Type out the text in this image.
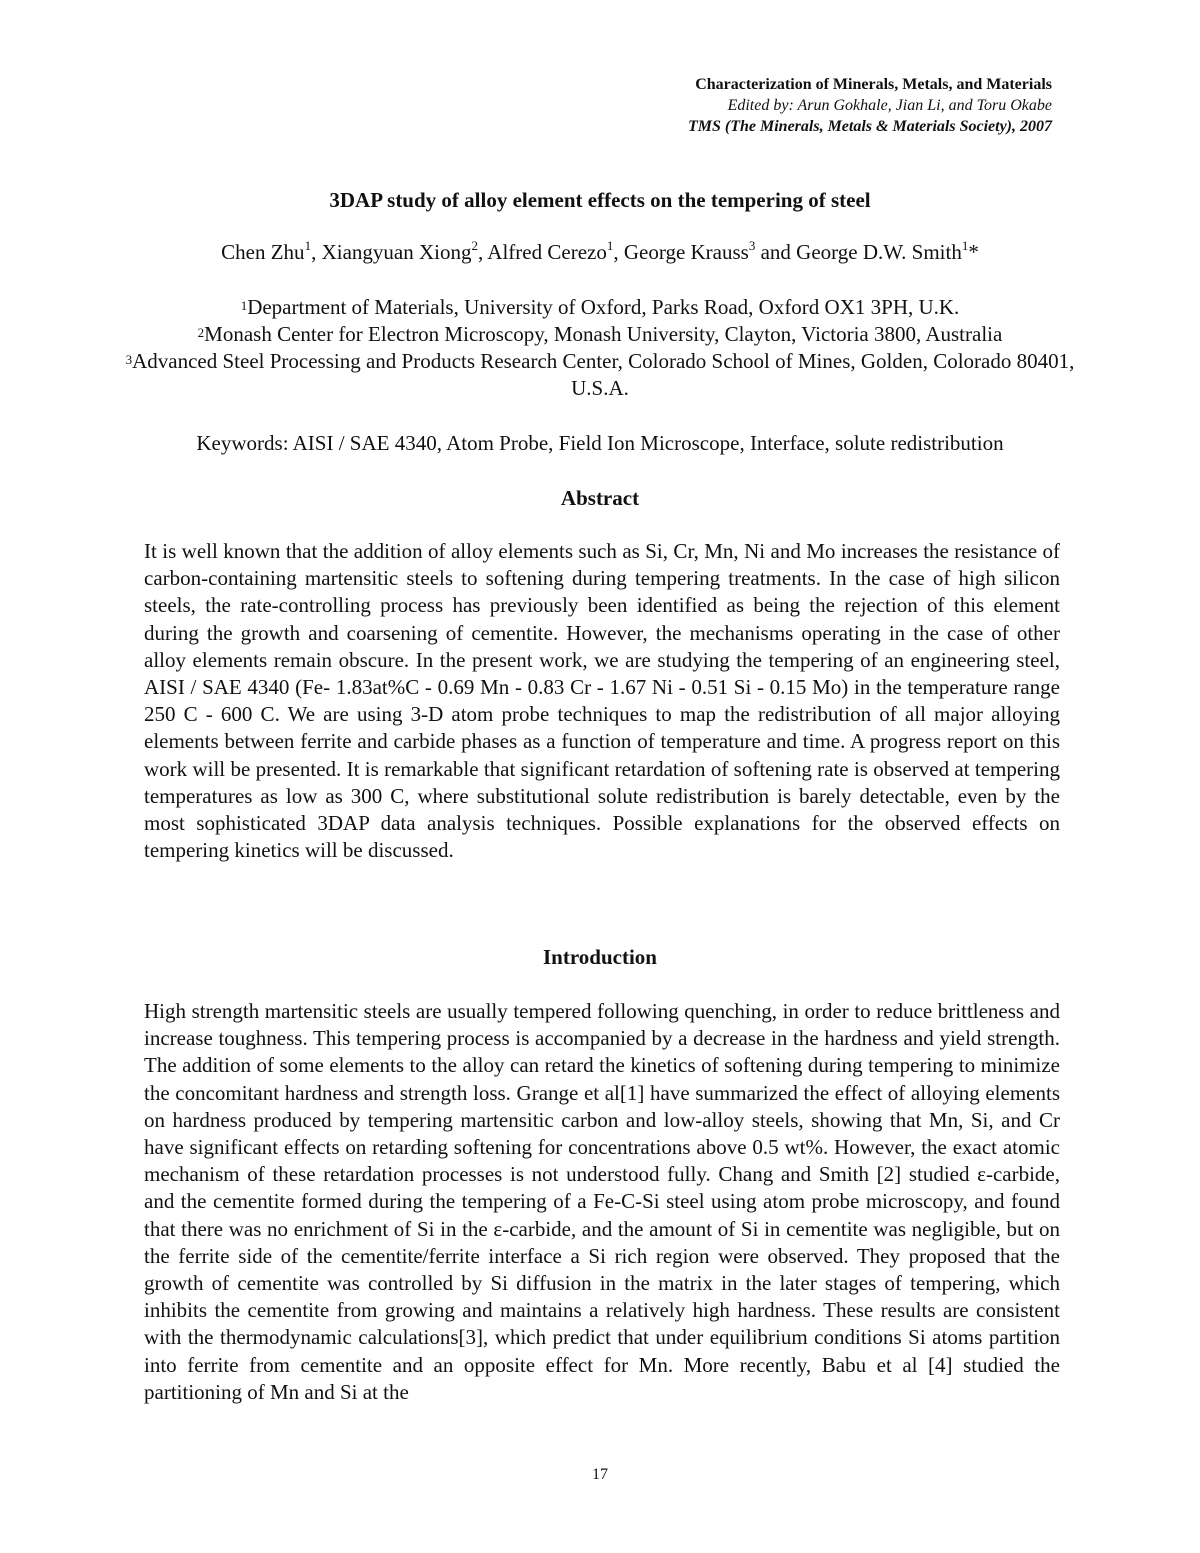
Characterization of Minerals, Metals, and Materials
Edited by: Arun Gokhale, Jian Li, and Toru Okabe
TMS (The Minerals, Metals & Materials Society), 2007
3DAP study of alloy element effects on the tempering of steel
Chen Zhu$^1$, Xiangyuan Xiong$^2$, Alfred Cerezo$^1$, George Krauss$^3$ and George D.W. Smith$^1$*
$^1$Department of Materials, University of Oxford, Parks Road, Oxford OX1 3PH, U.K.
$^2$Monash Center for Electron Microscopy, Monash University, Clayton, Victoria 3800, Australia
$^3$Advanced Steel Processing and Products Research Center, Colorado School of Mines, Golden, Colorado 80401, U.S.A.
Keywords: AISI / SAE 4340, Atom Probe, Field Ion Microscope, Interface, solute redistribution
Abstract
It is well known that the addition of alloy elements such as Si, Cr, Mn, Ni and Mo increases the resistance of carbon-containing martensitic steels to softening during tempering treatments. In the case of high silicon steels, the rate-controlling process has previously been identified as being the rejection of this element during the growth and coarsening of cementite. However, the mechanisms operating in the case of other alloy elements remain obscure. In the present work, we are studying the tempering of an engineering steel, AISI / SAE 4340 (Fe- 1.83at%C - 0.69 Mn - 0.83 Cr - 1.67 Ni - 0.51 Si - 0.15 Mo) in the temperature range 250 C - 600 C. We are using 3-D atom probe techniques to map the redistribution of all major alloying elements between ferrite and carbide phases as a function of temperature and time. A progress report on this work will be presented. It is remarkable that significant retardation of softening rate is observed at tempering temperatures as low as 300 C, where substitutional solute redistribution is barely detectable, even by the most sophisticated 3DAP data analysis techniques. Possible explanations for the observed effects on tempering kinetics will be discussed.
Introduction
High strength martensitic steels are usually tempered following quenching, in order to reduce brittleness and increase toughness. This tempering process is accompanied by a decrease in the hardness and yield strength. The addition of some elements to the alloy can retard the kinetics of softening during tempering to minimize the concomitant hardness and strength loss. Grange et al[1] have summarized the effect of alloying elements on hardness produced by tempering martensitic carbon and low-alloy steels, showing that Mn, Si, and Cr have significant effects on retarding softening for concentrations above 0.5 wt%. However, the exact atomic mechanism of these retardation processes is not understood fully. Chang and Smith [2] studied ε-carbide, and the cementite formed during the tempering of a Fe-C-Si steel using atom probe microscopy, and found that there was no enrichment of Si in the ε-carbide, and the amount of Si in cementite was negligible, but on the ferrite side of the cementite/ferrite interface a Si rich region were observed. They proposed that the growth of cementite was controlled by Si diffusion in the matrix in the later stages of tempering, which inhibits the cementite from growing and maintains a relatively high hardness. These results are consistent with the thermodynamic calculations[3], which predict that under equilibrium conditions Si atoms partition into ferrite from cementite and an opposite effect for Mn. More recently, Babu et al [4] studied the partitioning of Mn and Si at the
17
